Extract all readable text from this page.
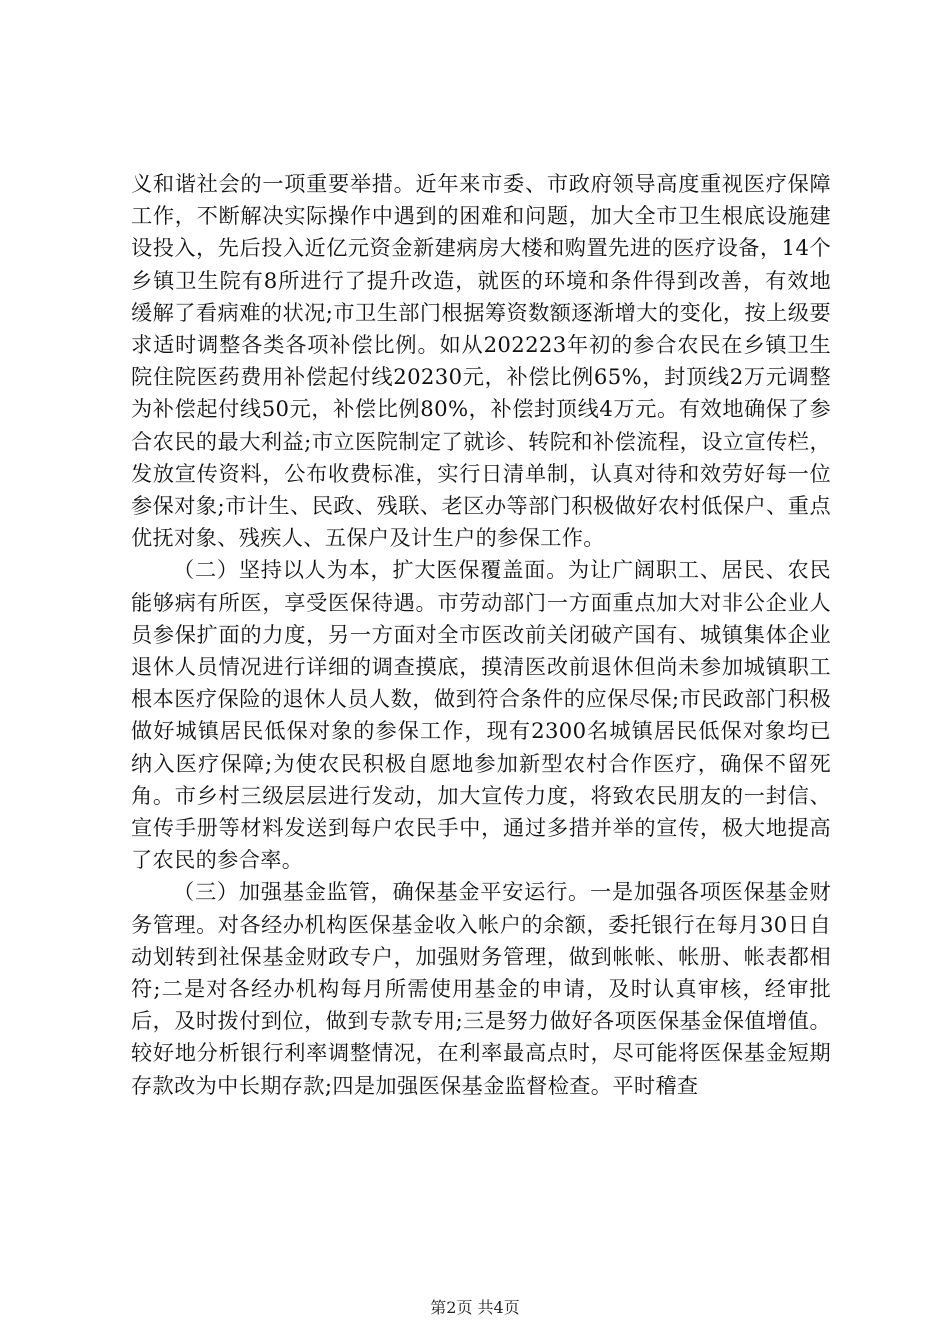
义和谐社会的一项重要举措。近年来市委、市政府领导高度重视医疗保障工作，不断解决实际操作中遇到的困难和问题，加大全市卫生根底设施建设投入，先后投入近亿元资金新建病房大楼和购置先进的医疗设备，14个乡镇卫生院有8所进行了提升改造，就医的环境和条件得到改善，有效地缓解了看病难的状况;市卫生部门根据筹资数额逐渐增大的变化，按上级要求适时调整各类各项补偿比例。如从202223年初的参合农民在乡镇卫生院住院医药费用补偿起付线20230元，补偿比例65%，封顶线2万元调整为补偿起付线50元，补偿比例80%，补偿封顶线4万元。有效地确保了参合农民的最大利益;市立医院制定了就诊、转院和补偿流程，设立宣传栏，发放宣传资料，公布收费标准，实行日清单制，认真对待和效劳好每一位参保对象;市计生、民政、残联、老区办等部门积极做好农村低保户、重点优抚对象、残疾人、五保户及计生户的参保工作。

（二）坚持以人为本，扩大医保覆盖面。为让广阔职工、居民、农民能够病有所医，享受医保待遇。市劳动部门一方面重点加大对非公企业人员参保扩面的力度，另一方面对全市医改前关闭破产国有、城镇集体企业退休人员情况进行详细的调查摸底，摸清医改前退休但尚未参加城镇职工根本医疗保险的退休人员人数，做到符合条件的应保尽保;市民政部门积极做好城镇居民低保对象的参保工作，现有2300名城镇居民低保对象均已纳入医疗保障;为使农民积极自愿地参加新型农村合作医疗，确保不留死角。市乡村三级层层进行发动，加大宣传力度，将致农民朋友的一封信、宣传手册等材料发送到每户农民手中，通过多措并举的宣传，极大地提高了农民的参合率。

（三）加强基金监管，确保基金平安运行。一是加强各项医保基金财务管理。对各经办机构医保基金收入帐户的余额，委托银行在每月30日自动划转到社保基金财政专户，加强财务管理，做到帐帐、帐册、帐表都相符;二是对各经办机构每月所需使用基金的申请，及时认真审核，经审批后，及时拨付到位，做到专款专用;三是努力做好各项医保基金保值增值。较好地分析银行利率调整情况，在利率最高点时，尽可能将医保基金短期存款改为中长期存款;四是加强医保基金监督检查。平时稽查

第2页 共4页
